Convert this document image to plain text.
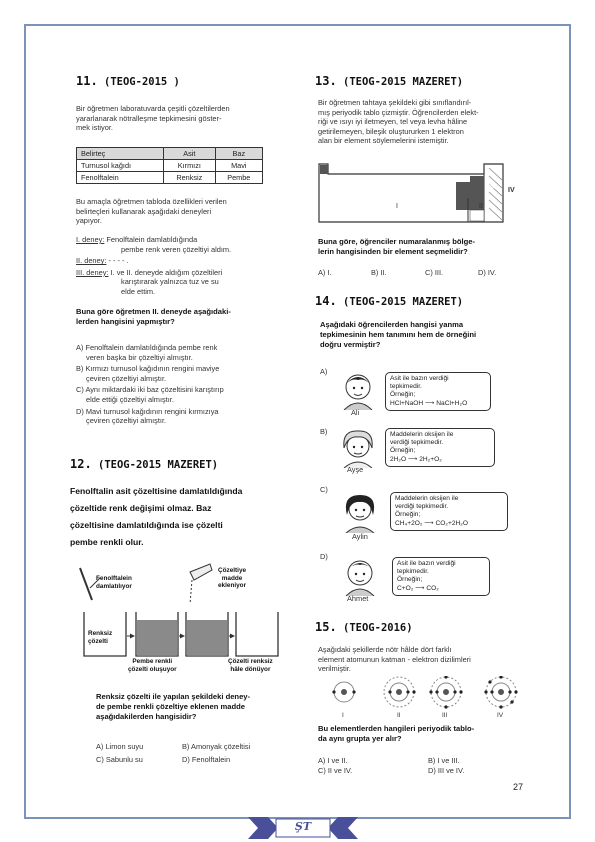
11. (TEOG-2015 )
Bir öğretmen laboratuvarda çeşitli çözeltilerden
yararlanarak nötralleşme tepkimesini göster-
mek istiyor.
Belirteç	Asit	Baz
Turnusol kağıdı	Kırmızı	Mavi
Fenolftalein	Renksiz	Pembe
Bu amaçla öğretmen tabloda özellikleri verilen
belirteçleri kullanarak aşağıdaki deneyleri
yapıyor.
I. deney: Fenolftalein damlatıldığında
pembe renk veren çözeltiyi aldım.
II. deney: - - - - .
III. deney: I. ve II. deneyde aldığım çözeltileri
karıştırarak yalnızca tuz ve su
elde ettim.
Buna göre öğretmen II. deneyde aşağıdaki-
lerden hangisini yapmıştır?
A) Fenolftalein damlatıldığında pembe renk
veren başka bir çözeltiyi almıştır.
B) Kırmızı turnusol kağıdının rengini maviye
çeviren çözeltiyi almıştır.
C) Aynı miktardaki iki baz çözeltisini karıştırıp
elde ettiği çözeltiyi almıştır.
D) Mavi turnusol kağıdının rengini kırmızıya
çeviren çözeltiyi almıştır.
12. (TEOG-2015 MAZERET)
Fenolftalin asit çözeltisine damlatıldığında
çözeltide renk değişimi olmaz. Baz
çözeltisine damlatıldığında ise çözelti
pembe renkli olur.
Fenolftalein
damlatılıyor
Çözeltiye
madde
ekleniyor
Renksiz
çözelti
Pembe renkli
çözelti oluşuyor
Çözelti renksiz
hâle dönüyor
Renksiz çözelti ile yapılan şekildeki deney-
de pembe renkli çözeltiye eklenen madde
aşağıdakilerden hangisidir?
A) Limon suyu	B) Amonyak çözeltisi
C) Sabunlu su	D) Fenolftalein
13. (TEOG-2015 MAZERET)
Bir öğretmen tahtaya şekildeki gibi sınıflandırıl-
mış periyodik tablo çizmiştir. Öğrencilerden elekt-
riği ve ısıyı iyi iletmeyen, tel veya levha hâline
getirilemeyen, bileşik oluştururken 1 elektron
alan bir element söylemelerini istemiştir.
I	II
III IV
Buna göre, öğrenciler numaralanmış bölge-
lerin hangisinden bir element seçmelidir?
A) I.	B) II.	C) III.	D) IV.
14. (TEOG-2015 MAZERET)
Aşağıdaki öğrencilerden hangisi yanma
tepkimesinin hem tanımını hem de örneğini
doğru vermiştir?
A)
Ali
Asit ile bazın verdiği
tepkimedir.
Örneğin;
HCl+NaOH ⟶ NaCl+H₂O
B)
Ayşe
Maddelerin oksijen ile
verdiği tepkimedir.
Örneğin;
2H₂O ⟶ 2H₂+O₂
C)
Aylin
Maddelerin oksijen ile
verdiği tepkimedir.
Örneğin;
CH₄+2O₂ ⟶ CO₂+2H₂O
D)
Ahmet
Asit ile bazın verdiği
tepkimedir.
Örneğin;
C+O₂ ⟶ CO₂
15. (TEOG-2016)
Aşağıdaki şekillerde nötr hâlde dört farklı
element atomunun katman - elektron dizilimleri
verilmiştir.
I	II	III	IV
Bu elementlerden hangileri periyodik tablo-
da aynı grupta yer alır?
A) I ve II.	B) I ve III.
C) II ve IV.	D) III ve IV.
27
ŞT
